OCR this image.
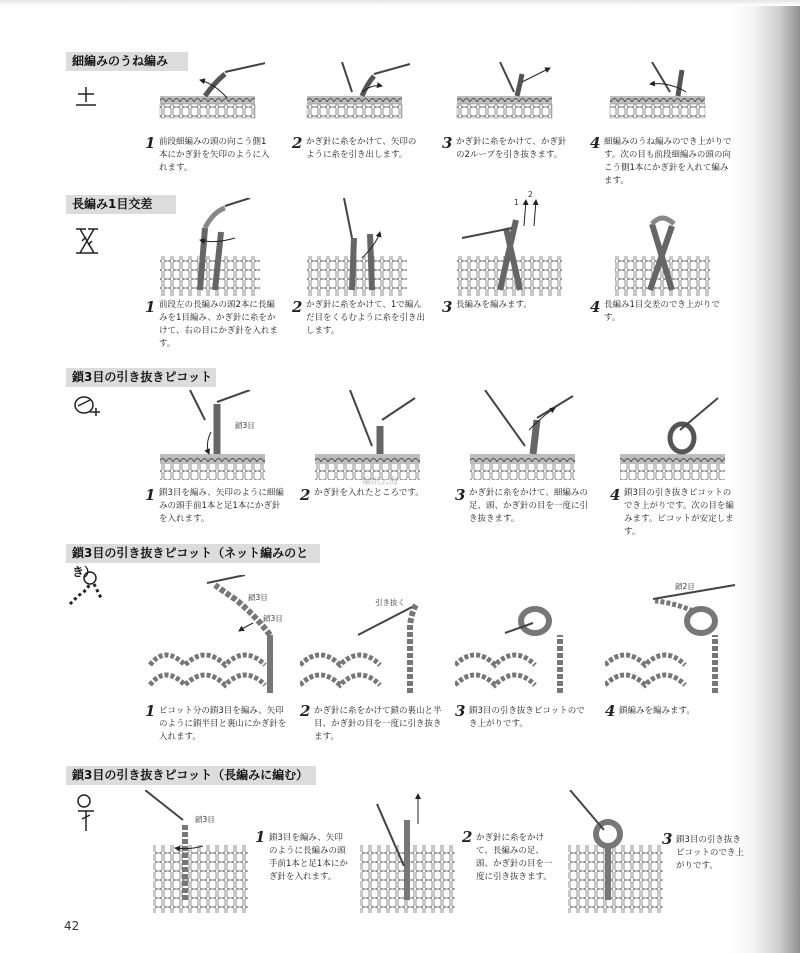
細編みのうね編み
1 前段細編みの頭の向こう側1本にかぎ針を矢印のように入れます。
2 かぎ針に糸をかけて、矢印のように糸を引き出します。
3 かぎ針に糸をかけて、かぎ針の2ループを引き抜きます。
4 細編みのうね編みのでき上がりです。次の目も前段細編みの頭の向こう側1本にかぎ針を入れて編みます。
長編み1目交差
1 前段左の長編みの頭2本に長編みを1目編み、かぎ針に糸をかけて、右の目にかぎ針を入れます。
2 かぎ針に糸をかけて、1で編んだ目をくるむように糸を引き出します。
1
2
3 長編みを編みます。	4 長編み1目交差のでき上がりです。
鎖3目の引き抜きピコット
鎖3目
1 鎖3目を編み、矢印のように細編みの頭手前1本と足1本にかぎ針を入れます。
2 かぎ針を入れたところです。	3 かぎ針に糸をかけて、細編みの足、頭、かぎ針の目を一度に引き抜きます。
4 鎖3目の引き抜きピコットのでき上がりです。次の目を編みます。ピコットが安定します。
编织云海
鎖3目の引き抜きピコット（ネット編みのとき）
鎖3目
鎖3目
1 ピコット分の鎖3目を編み、矢印のように鎖半目と裏山にかぎ針を入れます。
引き抜く
2 かぎ針に糸をかけて鎖の裏山と半目、かぎ針の目を一度に引き抜きます。
3 鎖3目の引き抜きピコットのでき上がりです。
鎖2目
4 鎖編みを編みます。
鎖3目の引き抜きピコット（長編みに編む）
鎖3目
1 鎖3目を編み、矢印のように長編みの頭手前1本と足1本にかぎ針を入れます。
2 かぎ針に糸をかけて、長編みの足、頭、かぎ針の目を一度に引き抜きます。
3 鎖3目の引き抜きピコットのでき上がりです。
42
